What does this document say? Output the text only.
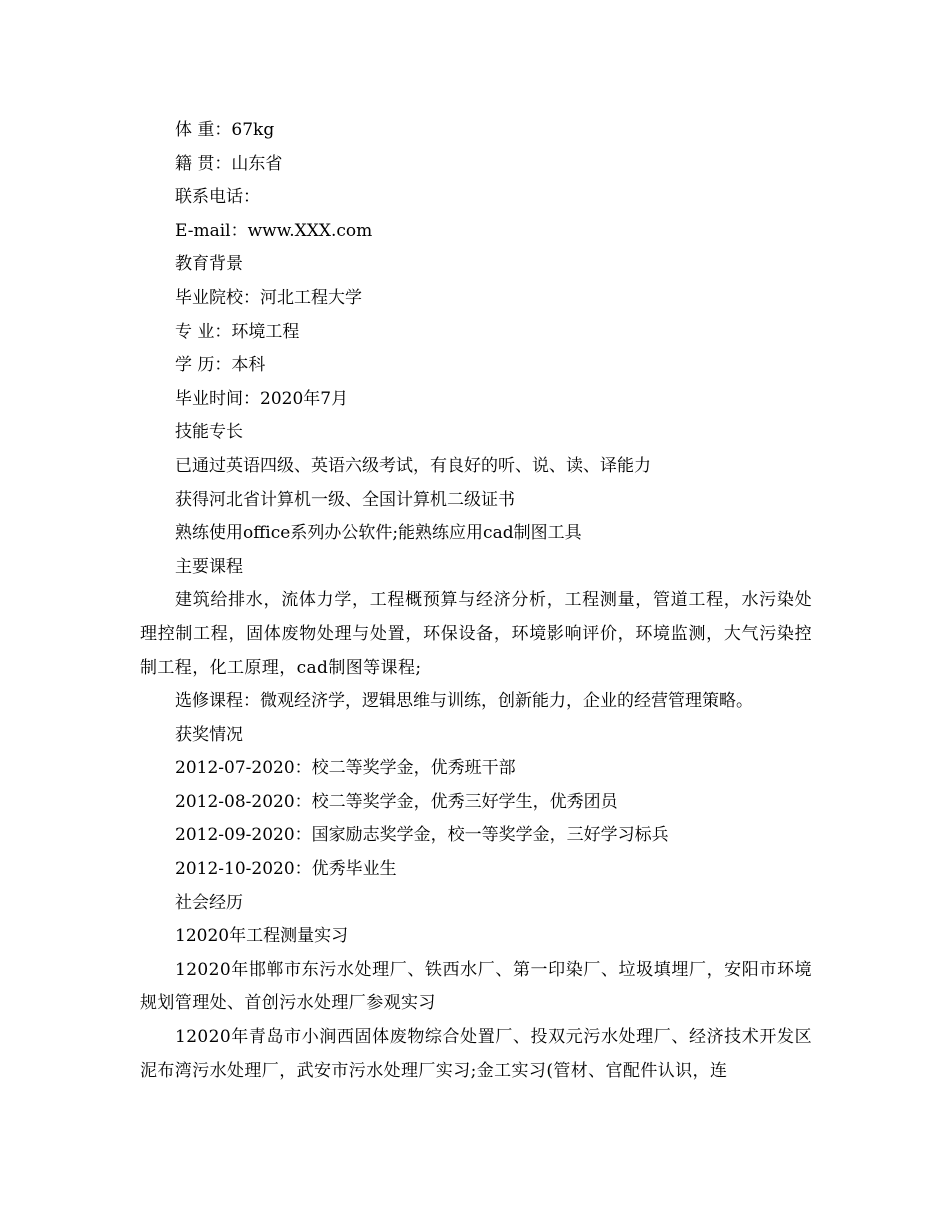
体 重：67kg
籍 贯：山东省
联系电话：
E-mail：www.XXX.com
教育背景
毕业院校：河北工程大学
专 业：环境工程
学 历：本科
毕业时间：2020年7月
技能专长
已通过英语四级、英语六级考试，有良好的听、说、读、译能力
获得河北省计算机一级、全国计算机二级证书
熟练使用office系列办公软件;能熟练应用cad制图工具
主要课程

建筑给排水，流体力学，工程概预算与经济分析，工程测量，管道工程，水污染处理控制工程，固体废物处理与处置，环保设备，环境影响评价，环境监测，大气污染控制工程，化工原理，cad制图等课程;

选修课程：微观经济学，逻辑思维与训练，创新能力，企业的经营管理策略。
获奖情况
2012-07-2020：校二等奖学金，优秀班干部
2012-08-2020：校二等奖学金，优秀三好学生，优秀团员
2012-09-2020：国家励志奖学金，校一等奖学金，三好学习标兵
2012-10-2020：优秀毕业生
社会经历
12020年工程测量实习

12020年邯郸市东污水处理厂、铁西水厂、第一印染厂、垃圾填埋厂，安阳市环境规划管理处、首创污水处理厂参观实习

12020年青岛市小涧西固体废物综合处置厂、投双元污水处理厂、经济技术开发区泥布湾污水处理厂，武安市污水处理厂实习;金工实习(管材、官配件认识，连
